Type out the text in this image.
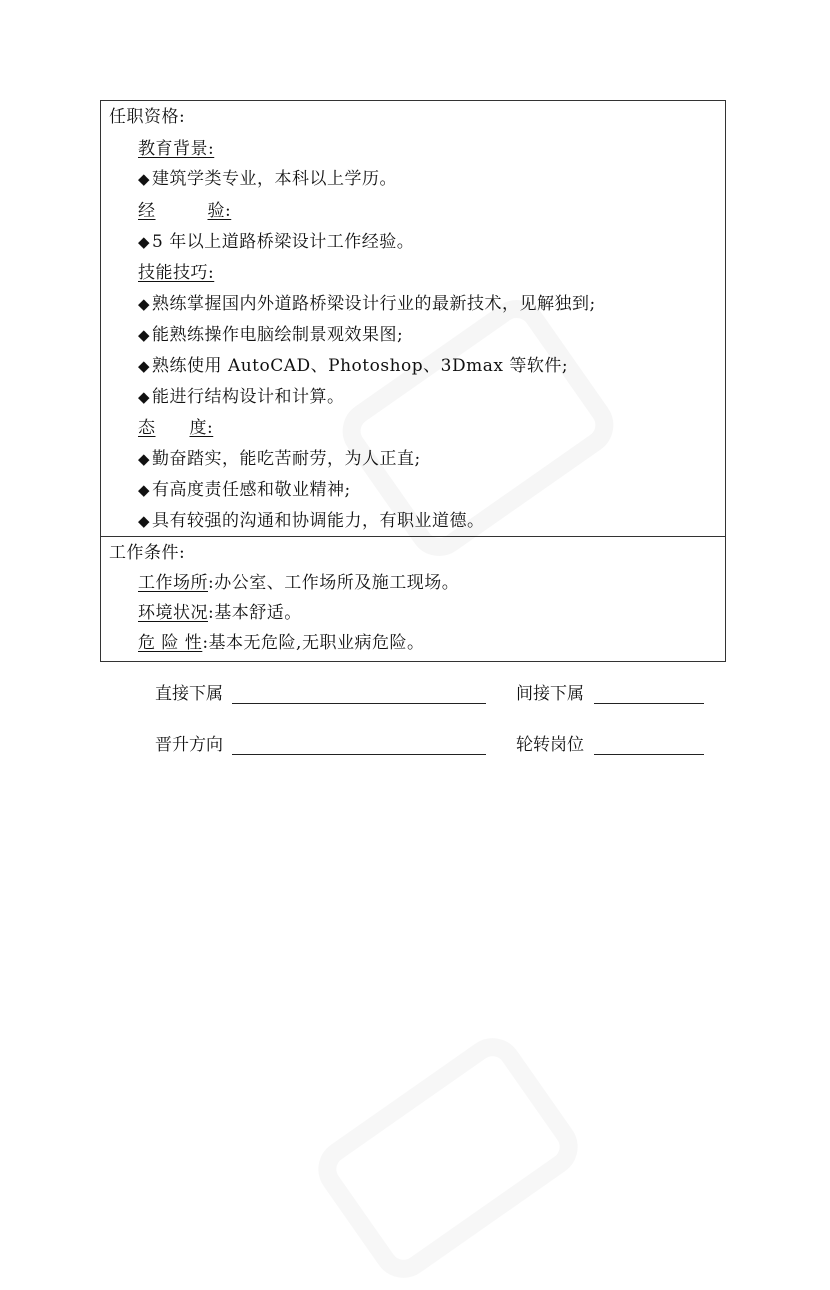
任职资格:
教育背景:
◆ 建筑学类专业，本科以上学历。
经	验:
◆ 5 年以上道路桥梁设计工作经验。
技能技巧:
◆ 熟练掌握国内外道路桥梁设计行业的最新技术，见解独到;
◆ 能熟练操作电脑绘制景观效果图;
◆ 熟练使用 AutoCAD、Photoshop、3Dmax 等软件;
◆ 能进行结构设计和计算。
态 度:
◆ 勤奋踏实，能吃苦耐劳，为人正直;
◆ 有高度责任感和敬业精神;
◆ 具有较强的沟通和协调能力，有职业道德。
工作条件:
工作场所:办公室、工作场所及施工现场。
环境状况:基本舒适。
危 险 性:基本无危险,无职业病危险。
直接下属	间接下属
晋升方向	轮转岗位
